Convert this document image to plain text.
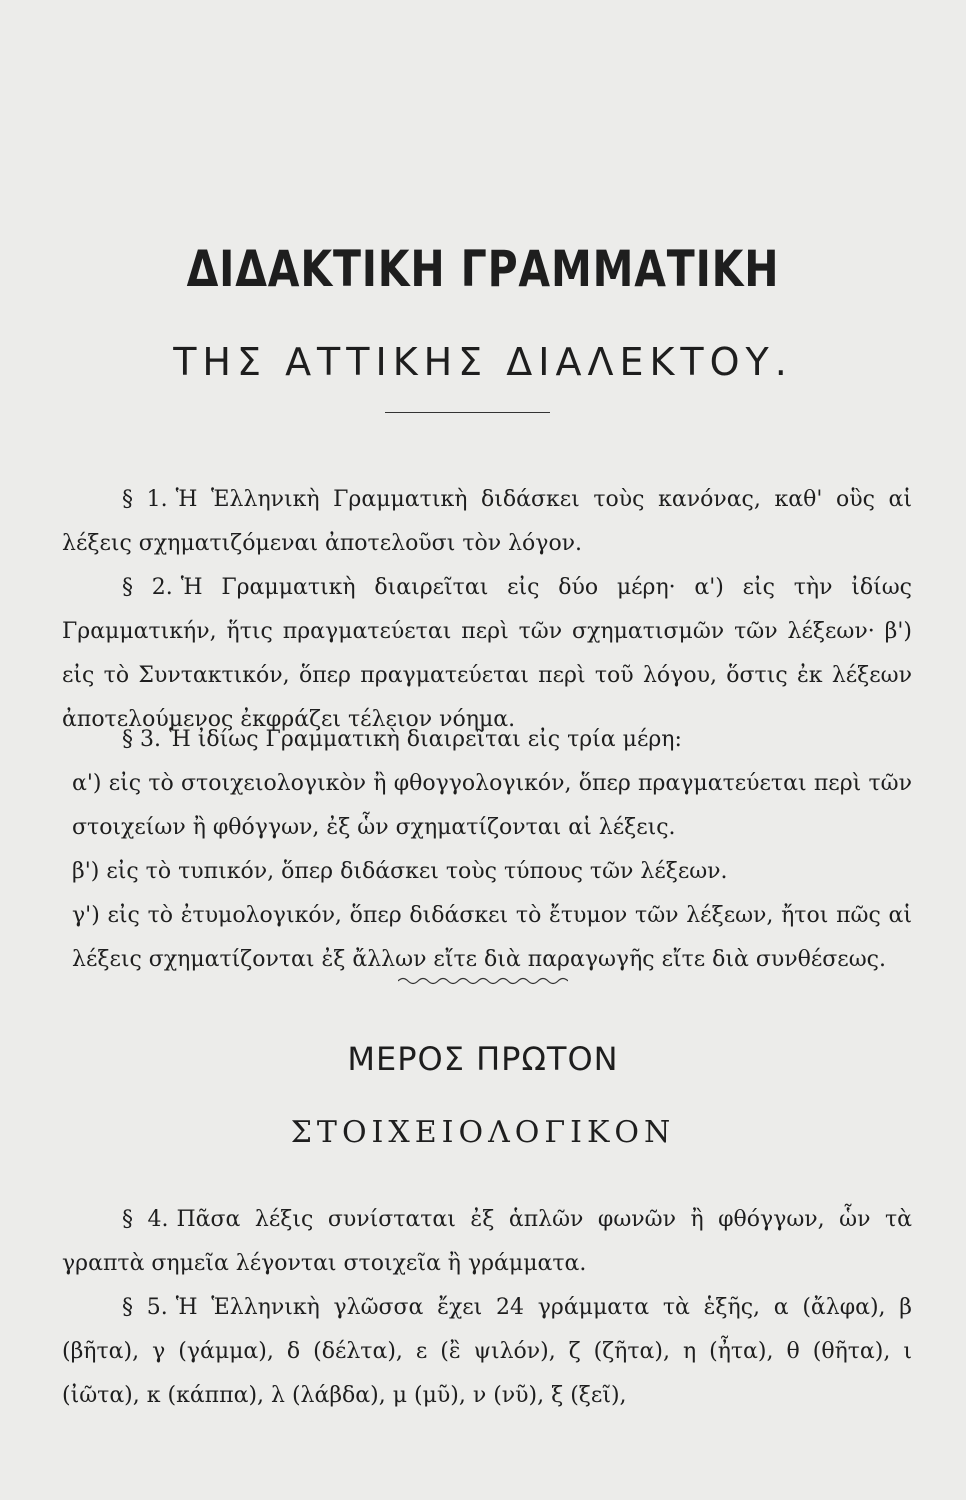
ΔΙΔΑΚΤΙΚΗ ΓΡΑΜΜΑΤΙΚΗ
ΤΗΣ ΑΤΤΙΚΗΣ ΔΙΑΛΕΚΤΟΥ.

§ 1. Ἡ Ἑλληνικὴ Γραμματικὴ διδάσκει τοὺς κανόνας, καθ' οὓς αἱ λέξεις σχηματιζόμεναι ἀποτελοῦσι τὸν λόγον.

§ 2. Ἡ Γραμματικὴ διαιρεῖται εἰς δύο μέρη· α') εἰς τὴν ἰδίως Γραμματικήν, ἥτις πραγματεύεται περὶ τῶν σχηματισμῶν τῶν λέξεων· β') εἰς τὸ Συντακτικόν, ὅπερ πραγματεύεται περὶ τοῦ λόγου, ὅστις ἐκ λέξεων ἀποτελούμενος ἐκφράζει τέλειον νόημα.

§ 3. Ἡ ἰδίως Γραμματικὴ διαιρεῖται εἰς τρία μέρη:
α') εἰς τὸ στοιχειολογικὸν ἢ φθογγολογικόν, ὅπερ πραγματεύεται περὶ τῶν στοιχείων ἢ φθόγγων, ἐξ ὧν σχηματίζονται αἱ λέξεις.
β') εἰς τὸ τυπικόν, ὅπερ διδάσκει τοὺς τύπους τῶν λέξεων.
γ') εἰς τὸ ἐτυμολογικόν, ὅπερ διδάσκει τὸ ἔτυμον τῶν λέξεων, ἤτοι πῶς αἱ λέξεις σχηματίζονται ἐξ ἄλλων εἴτε διὰ παραγωγῆς εἴτε διὰ συνθέσεως.

ΜΕΡΟΣ ΠΡΩΤΟΝ
ΣΤΟΙΧΕΙΟΛΟΓΙΚΟΝ

§ 4. Πᾶσα λέξις συνίσταται ἐξ ἁπλῶν φωνῶν ἢ φθόγγων, ὧν τὰ γραπτὰ σημεῖα λέγονται στοιχεῖα ἢ γράμματα.

§ 5. Ἡ Ἑλληνικὴ γλῶσσα ἔχει 24 γράμματα τὰ ἑξῆς, α (ἄλφα), β (βῆτα), γ (γάμμα), δ (δέλτα), ε (ἒ ψιλόν), ζ (ζῆτα), η (ἦτα), θ (θῆτα), ι (ἰῶτα), κ (κάππα), λ (λάβδα), μ (μῦ), ν (νῦ), ξ (ξεῖ),
